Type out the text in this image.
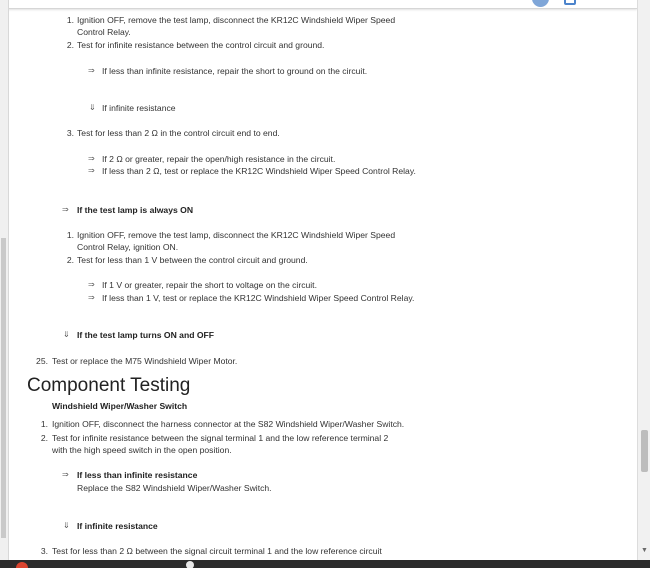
1. Ignition OFF, remove the test lamp, disconnect the KR12C Windshield Wiper Speed
Control Relay.
2. Test for infinite resistance between the control circuit and ground.
⇒ If less than infinite resistance, repair the short to ground on the circuit.
⇓ If infinite resistance
3. Test for less than 2 Ω in the control circuit end to end.
⇒ If 2 Ω or greater, repair the open/high resistance in the circuit.
⇒ If less than 2 Ω, test or replace the KR12C Windshield Wiper Speed Control Relay.
⇒ If the test lamp is always ON
1. Ignition OFF, remove the test lamp, disconnect the KR12C Windshield Wiper Speed
Control Relay, ignition ON.
2. Test for less than 1 V between the control circuit and ground.
⇒ If 1 V or greater, repair the short to voltage on the circuit.
⇒ If less than 1 V, test or replace the KR12C Windshield Wiper Speed Control Relay.
⇓ If the test lamp turns ON and OFF
25. Test or replace the M75 Windshield Wiper Motor.
Component Testing
Windshield Wiper/Washer Switch
1. Ignition OFF, disconnect the harness connector at the S82 Windshield Wiper/Washer Switch.
2. Test for infinite resistance between the signal terminal 1 and the low reference terminal 2
with the high speed switch in the open position.
⇒ If less than infinite resistance
Replace the S82 Windshield Wiper/Washer Switch.
⇓ If infinite resistance
3. Test for less than 2 Ω between the signal circuit terminal 1 and the low reference circuit	▼
